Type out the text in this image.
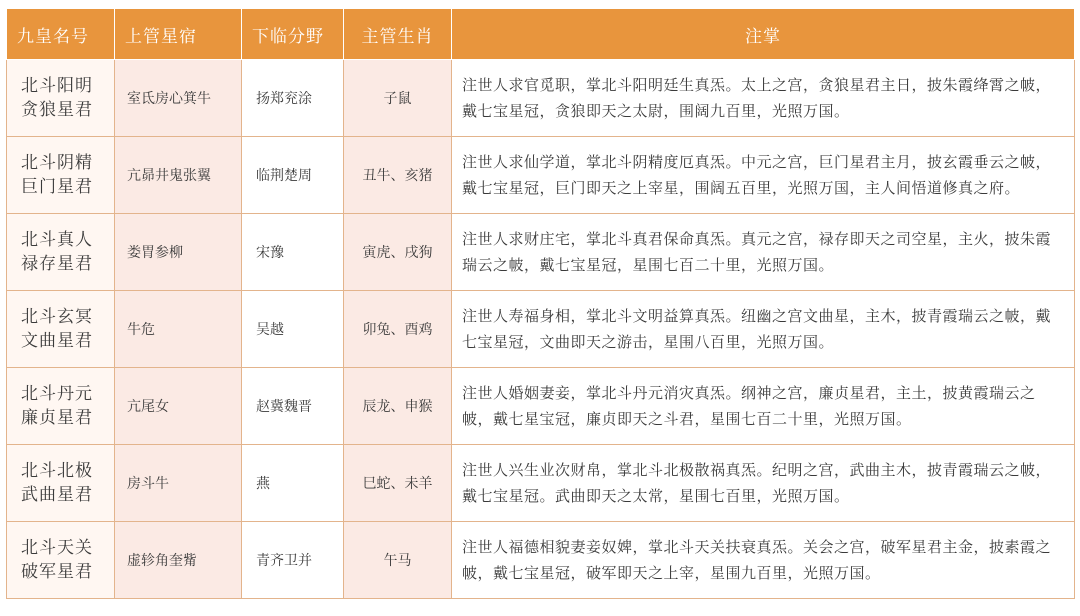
九皇名号	上管星宿	下临分野	主管生肖	注掌
北斗阳明
贪狼星君	室氐房心箕牛	扬郑兖涂	子鼠	注世人求官觅职，掌北斗阳明廷生真炁。太上之宫，贪狼星君主日，披朱霞绛霄之帔，戴七宝星冠，贪狼即天之太尉，围阔九百里，光照万国。
北斗阴精
巨门星君	亢昴井鬼张翼	临荆楚周	丑牛、亥猪	注世人求仙学道，掌北斗阴精度厄真炁。中元之宫，巨门星君主月，披玄霞垂云之帔，戴七宝星冠，巨门即天之上宰星，围阔五百里，光照万国，主人间悟道修真之府。
北斗真人
禄存星君	娄胃参柳	宋豫	寅虎、戌狗	注世人求财庄宅，掌北斗真君保命真炁。真元之宫，禄存即天之司空星，主火，披朱霞瑞云之帔，戴七宝星冠，星围七百二十里，光照万国。
北斗玄冥
文曲星君	牛危	吴越	卯兔、酉鸡	注世人寿福身相，掌北斗文明益算真炁。纽幽之宫文曲星，主木，披青霞瑞云之帔，戴七宝星冠，文曲即天之游击，星围八百里，光照万国。
北斗丹元
廉贞星君	亢尾女	赵冀魏晋	辰龙、申猴	注世人婚姻妻妾，掌北斗丹元消灾真炁。纲神之宫，廉贞星君，主土，披黄霞瑞云之帔，戴七星宝冠，廉贞即天之斗君，星围七百二十里，光照万国。
北斗北极
武曲星君	房斗牛	燕	巳蛇、未羊	注世人兴生业次财帛，掌北斗北极散祸真炁。纪明之宫，武曲主木，披青霞瑞云之帔，戴七宝星冠。武曲即天之太常，星围七百里，光照万国。
北斗天关
破军星君	虚轸角奎觜	青齐卫并	午马	注世人福德相貌妻妾奴婢，掌北斗天关扶衰真炁。关会之宫，破军星君主金，披素霞之帔，戴七宝星冠，破军即天之上宰，星围九百里，光照万国。
